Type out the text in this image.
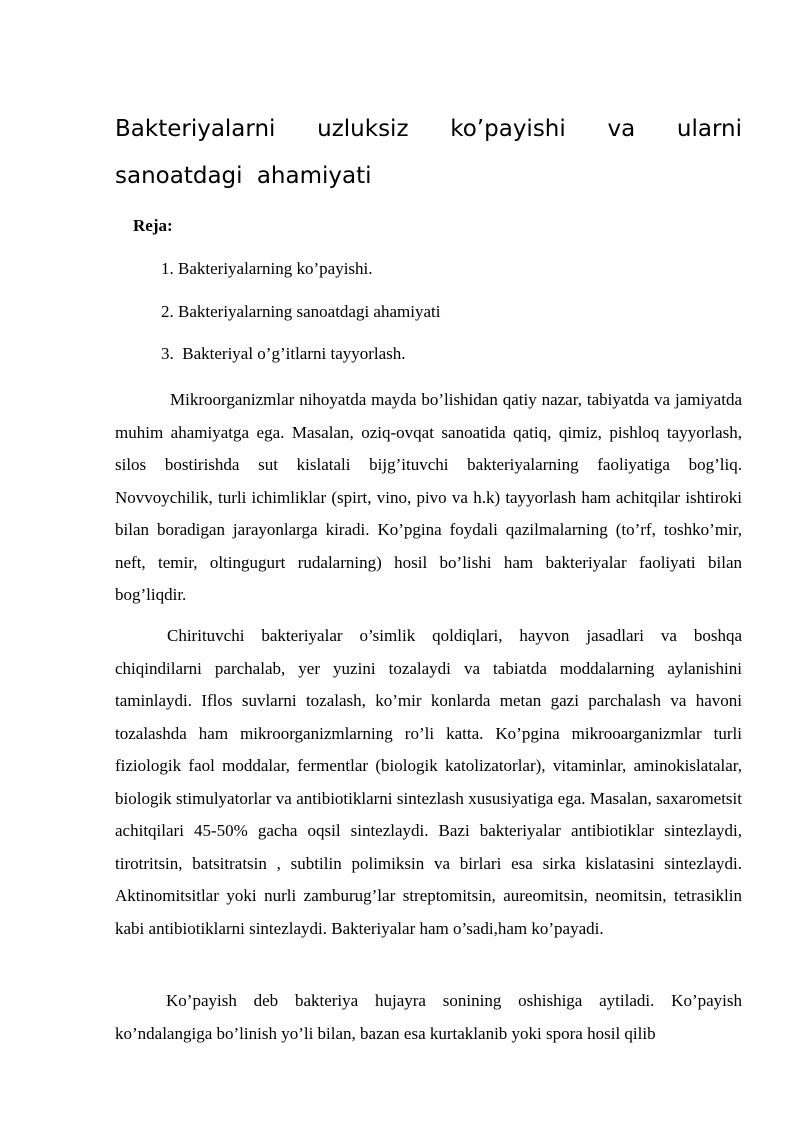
Bakteriyalarni uzluksiz ko’payishi va ularni sanoatdagi ahamiyati
Reja:
1. Bakteriyalarning ko’payishi.
2. Bakteriyalarning sanoatdagi ahamiyati
3.  Bakteriyal o’g’itlarni tayyorlash.

Mikroorganizmlar nihoyatda mayda bo’lishidan qatiy nazar, tabiyatda va jamiyatda muhim ahamiyatga ega. Masalan, oziq-ovqat sanoatida qatiq, qimiz, pishloq tayyorlash, silos bostirishda sut kislatali bijg’ituvchi bakteriyalarning faoliyatiga bog’liq. Novvoychilik, turli ichimliklar (spirt, vino, pivo va h.k) tayyorlash ham achitqilar ishtiroki bilan boradigan jarayonlarga kiradi. Ko’pgina foydali qazilmalarning (to’rf, toshko’mir, neft, temir, oltingugurt rudalarning) hosil bo’lishi ham bakteriyalar faoliyati bilan bog’liqdir.

Chirituvchi bakteriyalar o’simlik qoldiqlari, hayvon jasadlari va boshqa chiqindilarni parchalab, yer yuzini tozalaydi va tabiatda moddalarning aylanishini taminlaydi. Iflos suvlarni tozalash, ko’mir konlarda metan gazi parchalash va havoni tozalashda ham mikroorganizmlarning ro’li katta. Ko’pgina mikrooarganizmlar turli fiziologik faol moddalar, fermentlar (biologik katolizatorlar), vitaminlar, aminokislatalar, biologik stimulyatorlar va antibiotiklarni sintezlash xususiyatiga ega. Masalan, saxarometsit achitqilari 45-50% gacha oqsil sintezlaydi. Bazi bakteriyalar antibiotiklar sintezlaydi, tirotritsin, batsitratsin , subtilin polimiksin va birlari esa sirka kislatasini sintezlaydi. Aktinomitsitlar yoki nurli zamburug’lar streptomitsin, aureomitsin, neomitsin, tetrasiklin kabi antibiotiklarni sintezlaydi. Bakteriyalar ham o’sadi,ham ko’payadi.

Ko’payish deb bakteriya hujayra sonining oshishiga aytiladi. Ko’payish ko’ndalangiga bo’linish yo’li bilan, bazan esa kurtaklanib yoki spora hosil qilib
